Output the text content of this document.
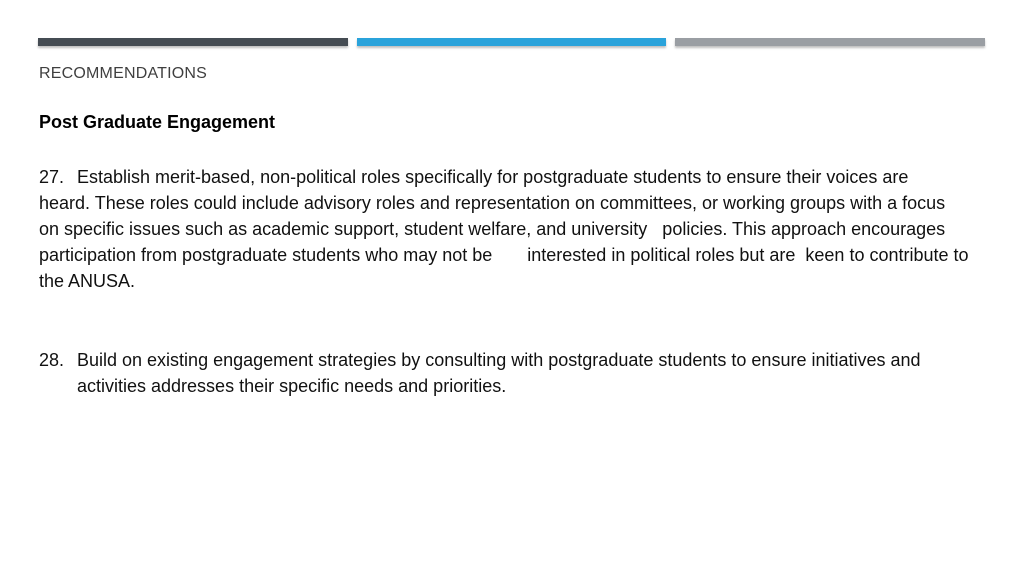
RECOMMENDATIONS
Post Graduate Engagement
27. Establish merit-based, non-political roles specifically for postgraduate students to ensure their voices are  heard. These roles could include advisory roles and representation on committees, or working groups with a focus on specific issues such as academic support, student welfare, and university   policies. This approach encourages participation from postgraduate students who may not be       interested in political roles but are  keen to contribute to the ANUSA.
28. Build on existing engagement strategies by consulting with postgraduate students to ensure initiatives and activities addresses their specific needs and priorities.
